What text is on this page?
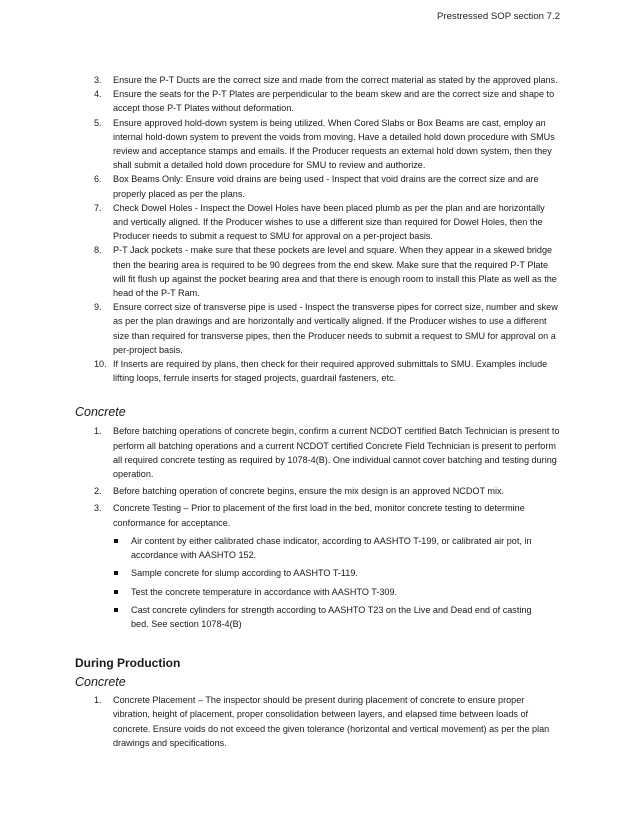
Prestressed SOP section 7.2
3. Ensure the P-T Ducts are the correct size and made from the correct material as stated by the approved plans.
4. Ensure the seats for the P-T Plates are perpendicular to the beam skew and are the correct size and shape to accept those P-T Plates without deformation.
5. Ensure approved hold-down system is being utilized. When Cored Slabs or Box Beams are cast, employ an internal hold-down system to prevent the voids from moving. Have a detailed hold down procedure with SMUs review and acceptance stamps and emails. If the Producer requests an external hold down system, then they shall submit a detailed hold down procedure for SMU to review and authorize.
6. Box Beams Only: Ensure void drains are being used - Inspect that void drains are the correct size and are properly placed as per the plans.
7. Check Dowel Holes - Inspect the Dowel Holes have been placed plumb as per the plan and are horizontally and vertically aligned. If the Producer wishes to use a different size than required for Dowel Holes, then the Producer needs to submit a request to SMU for approval on a per-project basis.
8. P-T Jack pockets - make sure that these pockets are level and square. When they appear in a skewed bridge then the bearing area is required to be 90 degrees from the end skew. Make sure that the required P-T Plate will fit flush up against the pocket bearing area and that there is enough room to install this Plate as well as the head of the P-T Ram.
9. Ensure correct size of transverse pipe is used - Inspect the transverse pipes for correct size, number and skew as per the plan drawings and are horizontally and vertically aligned. If the Producer wishes to use a different size than required for transverse pipes, then the Producer needs to submit a request to SMU for approval on a per-project basis.
10. If Inserts are required by plans, then check for their required approved submittals to SMU. Examples include lifting loops, ferrule inserts for staged projects, guardrail fasteners, etc.
Concrete
1. Before batching operations of concrete begin, confirm a current NCDOT certified Batch Technician is present to perform all batching operations and a current NCDOT certified Concrete Field Technician is present to perform all required concrete testing as required by 1078-4(B). One individual cannot cover batching and testing during operation.
2. Before batching operation of concrete begins, ensure the mix design is an approved NCDOT mix.
3. Concrete Testing – Prior to placement of the first load in the bed, monitor concrete testing to determine conformance for acceptance.
Air content by either calibrated chase indicator, according to AASHTO T-199, or calibrated air pot, in accordance with AASHTO 152.
Sample concrete for slump according to AASHTO T-119.
Test the concrete temperature in accordance with AASHTO T-309.
Cast concrete cylinders for strength according to AASHTO T23 on the Live and Dead end of casting bed. See section 1078-4(B)
During Production
Concrete
1. Concrete Placement – The inspector should be present during placement of concrete to ensure proper vibration, height of placement, proper consolidation between layers, and elapsed time between loads of concrete. Ensure voids do not exceed the given tolerance (horizontal and vertical movement) as per the plan drawings and specifications.
